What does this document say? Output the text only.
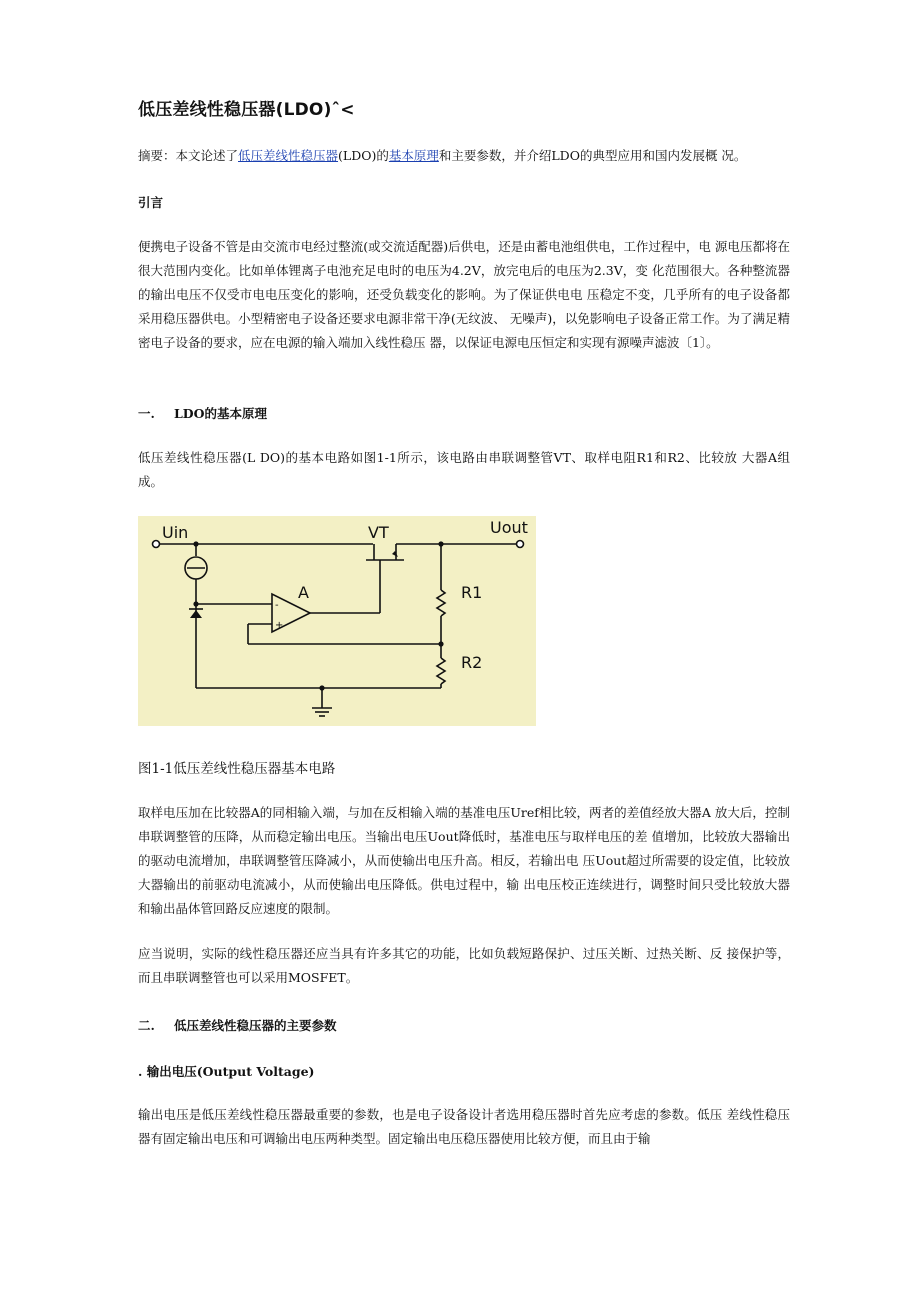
低压差线性稳压器(LDO)ˆ<
摘要：本文论述了低压差线性稳压器(LDO)的基本原理和主要参数，并介绍LDO的典型应用和国内发展概 况。
引言
便携电子设备不管是由交流市电经过整流(或交流适配器)后供电，还是由蓄电池组供电，工作过程中，电 源电压都将在很大范围内变化。比如单体锂离子电池充足电时的电压为4.2V，放完电后的电压为2.3V，变 化范围很大。各种整流器的输出电压不仅受市电电压变化的影响，还受负载变化的影响。为了保证供电电 压稳定不变，几乎所有的电子设备都采用稳压器供电。小型精密电子设备还要求电源非常干净(无纹波、 无噪声)，以免影响电子设备正常工作。为了满足精密电子设备的要求，应在电源的输入端加入线性稳压 器，以保证电源电压恒定和实现有源噪声滤波〔1〕。
一. LDO的基本原理
低压差线性稳压器(L DO)的基本电路如图1-1所示，该电路由串联调整管VT、取样电阻R1和R2、比较放 大器A组成。
Uin	VT	Uout
A	R1
R2
-
+
图1-1低压差线性稳压器基本电路
取样电压加在比较器A的同相输入端，与加在反相输入端的基准电压Uref相比较，两者的差值经放大器A 放大后，控制串联调整管的压降，从而稳定输出电压。当输出电压Uout降低时，基准电压与取样电压的差 值增加，比较放大器输出的驱动电流增加，串联调整管压降减小，从而使输出电压升高。相反，若输出电 压Uout超过所需要的设定值，比较放大器输出的前驱动电流减小，从而使输出电压降低。供电过程中，输 出电压校正连续进行，调整时间只受比较放大器和输出晶体管回路反应速度的限制。
应当说明，实际的线性稳压器还应当具有许多其它的功能，比如负载短路保护、过压关断、过热关断、反 接保护等，而且串联调整管也可以采用MOSFET。
二. 低压差线性稳压器的主要参数
. 输出电压(Output Voltage)
输出电压是低压差线性稳压器最重要的参数，也是电子设备设计者选用稳压器时首先应考虑的参数。低压 差线性稳压器有固定输出电压和可调输出电压两种类型。固定输出电压稳压器使用比较方便，而且由于输
